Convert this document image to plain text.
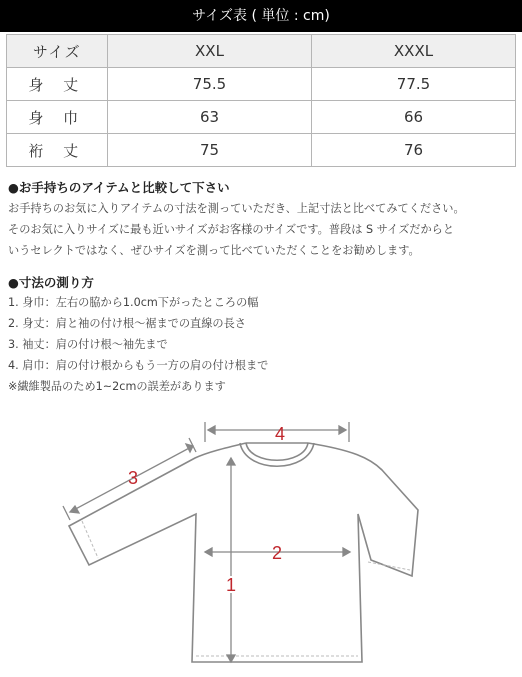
サイズ表 ( 単位 : cm)
サイズ	XXL	XXXL
身 丈	75.5	77.5
身 巾	63	66
裄 丈	75	76
●お手持ちのアイテムと比較して下さい
お手持ちのお気に入りアイテムの寸法を測っていただき、上記寸法と比べてみてください。
そのお気に入りサイズに最も近いサイズがお客様のサイズです。普段は S サイズだからと
いうセレクトではなく、ぜひサイズを測って比べていただくことをお勧めします。
●寸法の測り方
1. 身巾：左右の脇から1.0cm下がったところの幅
2. 身丈：肩と袖の付け根～裾までの直線の長さ
3. 袖丈：肩の付け根～袖先まで
4. 肩巾：肩の付け根からもう一方の肩の付け根まで
※繊維製品のため1~2cmの誤差があります
4
3
2
1
